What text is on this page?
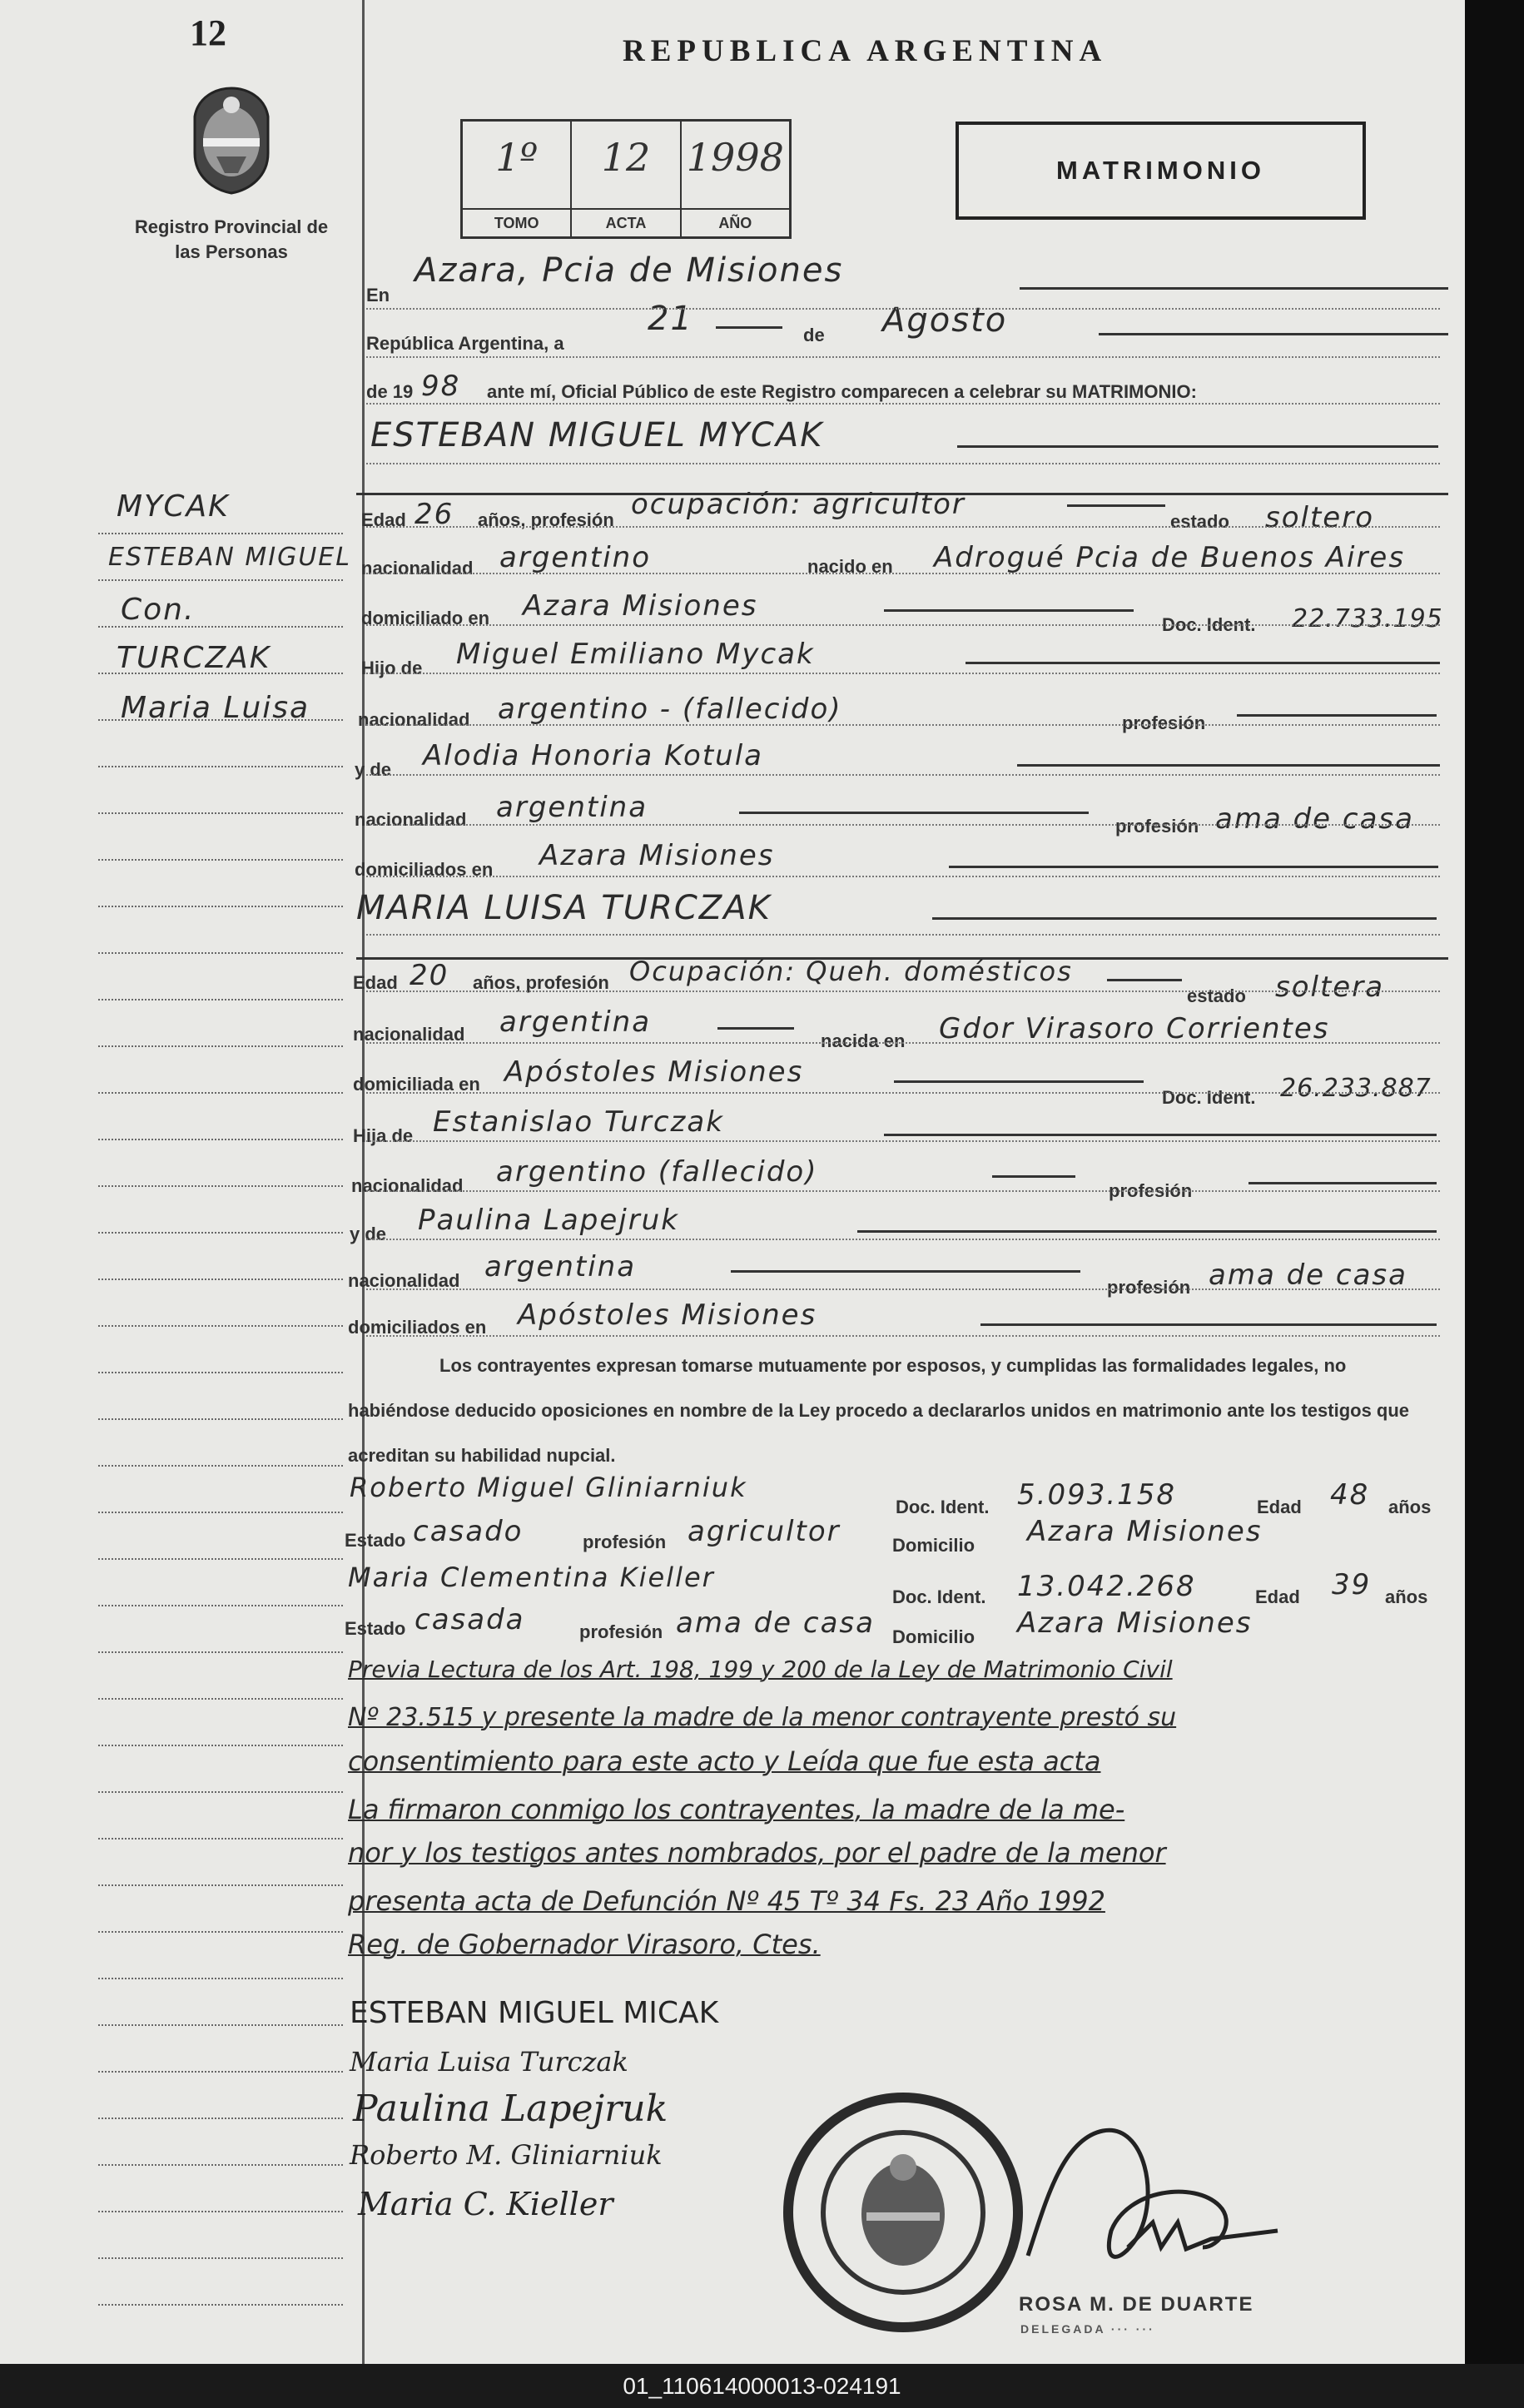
12
Registro Provincial de las Personas
REPUBLICA ARGENTINA
1º
TOMO
12
ACTA
1998
AÑO
MATRIMONIO
En
Azara, Pcia de Misiones
República Argentina, a
21	de Agosto
de 19 98 ante mí, Oficial Público de este Registro comparecen a celebrar su MATRIMONIO:
ESTEBAN MIGUEL MYCAK
MYCAK
ESTEBAN MIGUEL
Con.
TURCZAK
Maria Luisa
Edad 26 años, profesión ocupación: agricultor
estado soltero
nacionalidad argentino	nacido en Adrogué Pcia de Buenos Aires
domiciliado en Azara Misiones
Doc. Ident. 22.733.195
Hijo de Miguel Emiliano Mycak
nacionalidad argentino - (fallecido)	profesión
y de Alodia Honoria Kotula
nacionalidad argentina
profesión ama de casa
domiciliados en Azara Misiones
MARIA LUISA TURCZAK
Edad 20 años, profesión Ocupación: Queh. domésticos
estado soltera
nacionalidad argentina
nacida en Gdor Virasoro Corrientes
domiciliada en Apóstoles Misiones
Doc. Ident. 26.233.887
Hija de Estanislao Turczak
nacionalidad argentino (fallecido)
profesión
y de Paulina Lapejruk
nacionalidad argentina
profesión ama de casa
domiciliados en Apóstoles Misiones
Los contrayentes expresan tomarse mutuamente por esposos, y cumplidas las formalidades legales, no habiéndose deducido oposiciones en nombre de la Ley procedo a declararlos unidos en matrimonio ante los testigos que acreditan su habilidad nupcial.
Roberto Miguel Gliniarniuk
Doc. Ident. 5.093.158	Edad 48 años
Estado casado	profesión agricultor	Domicilio Azara Misiones
Maria Clementina Kieller
Doc. Ident. 13.042.268	Edad 39 años
Estado casada	profesión ama de casa Domicilio Azara Misiones
Previa Lectura de los Art. 198, 199 y 200 de la Ley de Matrimonio Civil
Nº 23.515 y presente la madre de la menor contrayente prestó su
consentimiento para este acto y Leída que fue esta acta
La firmaron conmigo los contrayentes, la madre de la me-
nor y los testigos antes nombrados, por el padre de la menor
presenta acta de Defunción Nº 45 Tº 34 Fs. 23 Año 1992
Reg. de Gobernador Virasoro, Ctes.
ESTEBAN MIGUEL MICAK
Maria Luisa Turczak
Paulina Lapejruk
Roberto M. Gliniarniuk
Maria C. Kieller
ROSA M. DE DUARTE
DELEGADA ··· ···
01_110614000013-024191
